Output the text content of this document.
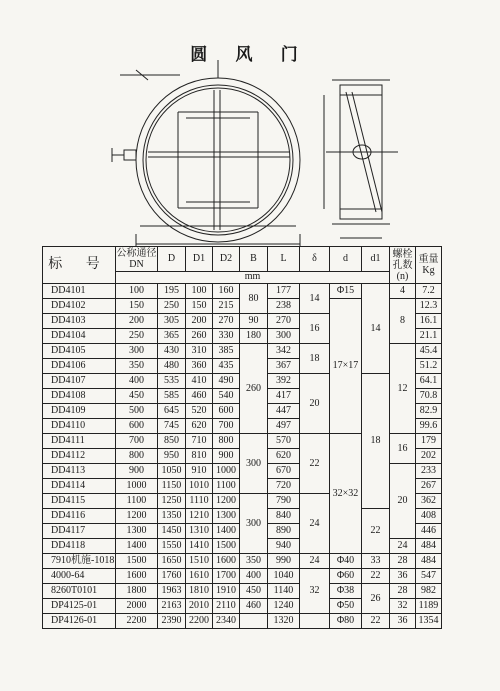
圆 风 门
标 号	公称通径DN	D	D1	D2	B	L	δ	d	d1	螺栓孔数(n)	重量Kg
	mm										
DD4101	100	195	100	160	80	177	14	Φ15	14	4	7.2
DD4102	150	250	150	215		238		17×17		8	12.3
DD4103	200	305	200	270	90	270	16				16.1
DD4104	250	365	260	330	180	300					21.1
DD4105	300	430	310	385	260	342	18			12	45.4
DD4106	350	480	360	435		367					51.2
DD4107	400	535	410	490		392	20		18		64.1
DD4108	450	585	460	540		417					70.8
DD4109	500	645	520	600		447					82.9
DD4110	600	745	620	700		497					99.6
DD4111	700	850	710	800	300	570	22	32×32		16	179
DD4112	800	950	810	900		620					202
DD4113	900	1050	910	1000		670				20	233
DD4114	1000	1150	1010	1100		720					267
DD4115	1100	1250	1110	1200	300	790	24				362
DD4116	1200	1350	1210	1300		840			22		408
DD4117	1300	1450	1310	1400		890					446
DD4118	1400	1550	1410	1500		940				24	484
7910机施-1018	1500	1650	1510	1600	350	990	24	Φ40	33	28	484
4000-64	1600	1760	1610	1700	400	1040	32	Φ60	22	36	547
8260T0101	1800	1963	1810	1910	450	1140		Φ38	26	28	982
DP4125-01	2000	2163	2010	2110	460	1240		Φ50		32	1189
DP4126-01	2200	2390	2200	2340		1320		Φ80	22	36	1354
